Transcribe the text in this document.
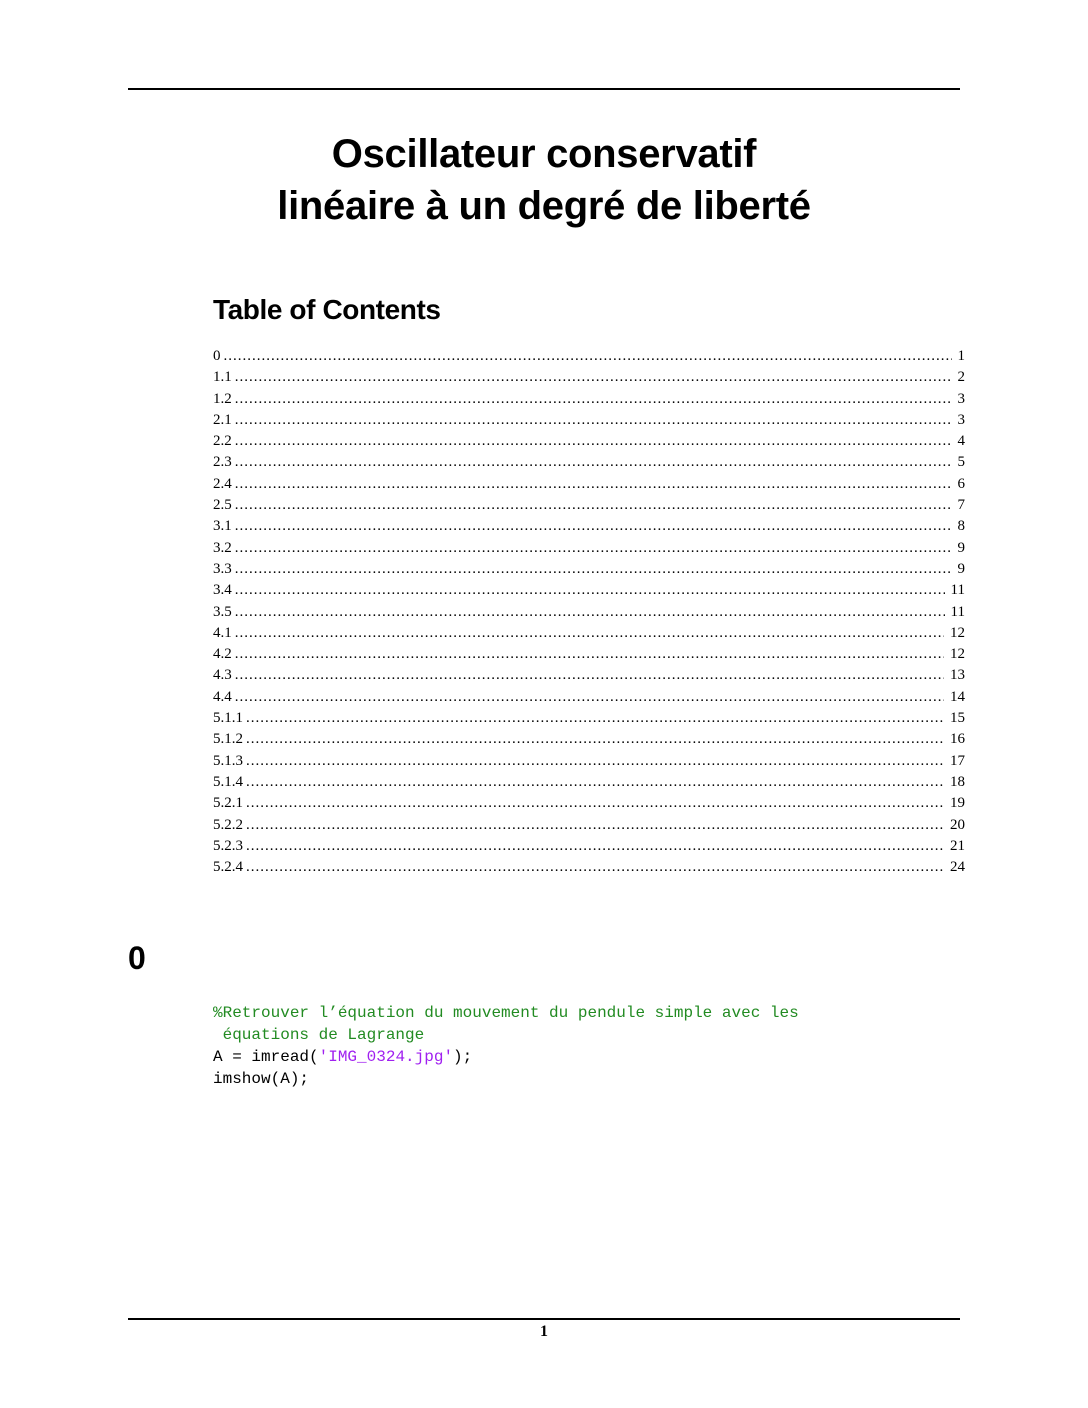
Oscillateur conservatif
linéaire à un degré de liberté
Table of Contents
0 .....	1
1.1 .....	2
1.2 .....	3
2.1 .....	3
2.2 .....	4
2.3 .....	5
2.4 .....	6
2.5 .....	7
3.1 .....	8
3.2 .....	9
3.3 .....	9
3.4 .....	11
3.5 .....	11
4.1 .....	12
4.2 .....	12
4.3 .....	13
4.4 .....	14
5.1.1 .....	15
5.1.2 .....	16
5.1.3 .....	17
5.1.4 .....	18
5.2.1 .....	19
5.2.2 .....	20
5.2.3 .....	21
5.2.4 .....	24
0
%Retrouver l’équation du mouvement du pendule simple avec les
équations de Lagrange
A = imread('IMG_0324.jpg');
imshow(A);
1
